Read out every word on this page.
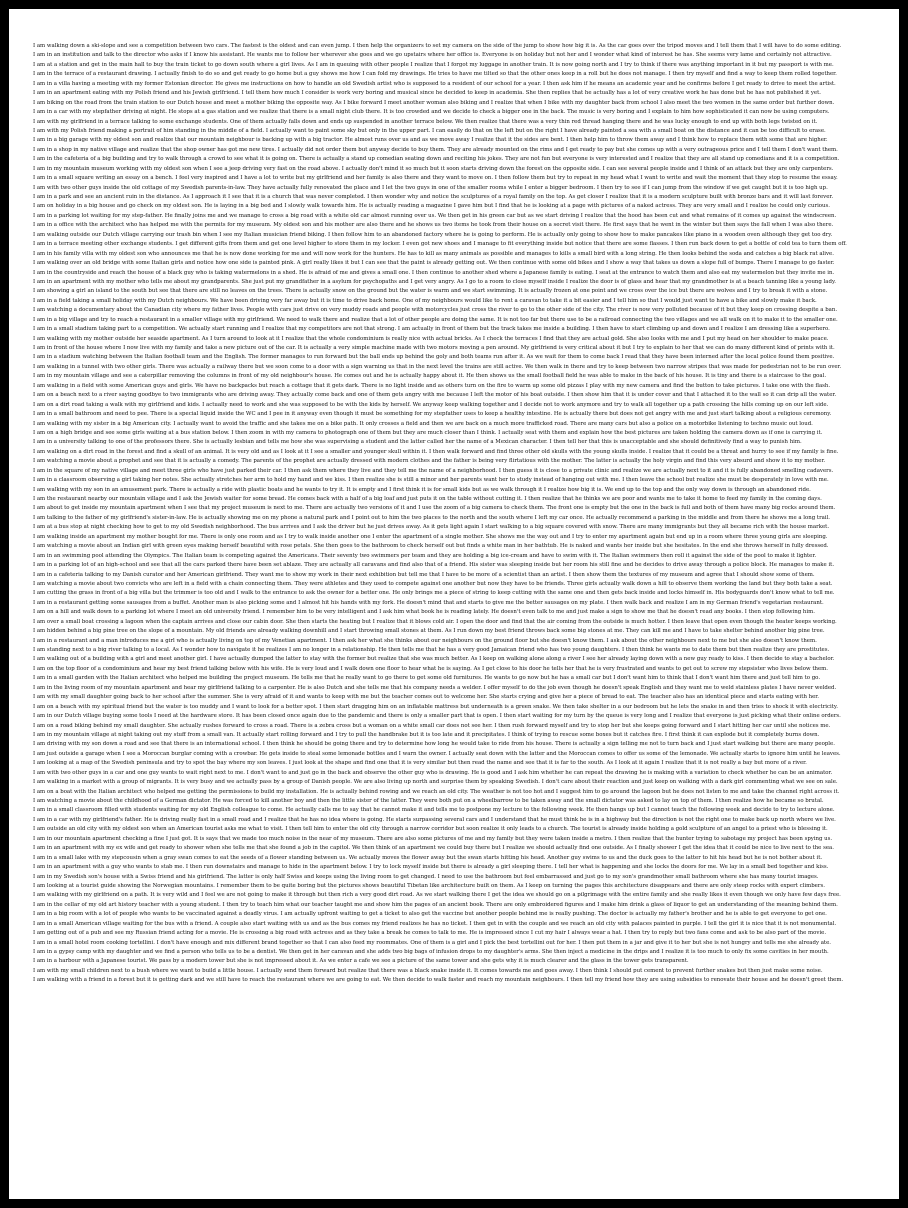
I am walking down a ski-slope and see a competition between two cars. The fastest is the oldest and can even jump. I then help the organizers to set my camera on the side of the jump to show how big it is. As the car goes over the tripod moves and I tell them that I will have to do some editing.
I am in an institution and talk to the director who asks if I know his assistant. He wants me to follow her wherever she goes and we go upstairs where her office is. Everyone is on holiday but not her and I wonder what kind of interest he has. She seems very lame and certainly not attractive.
I am at a station and get in the main hall to buy the train ticket to go down south where a girl lives. As I am in queuing with other people I realize that I forgot my luggage in another train. It is now going north and I try to think if there was anything important in it but my passport is with me.
I am in the terrace of a restaurant drawing. I actually finish to do so and get ready to go home but a guy shows me how I can fold my drawings. He tries to have me tilted so that the other ones keep in a roll but he does not manage. I then try myself and find a way to keep them rolled together.
I am in a villa having a meeting with my former Estonian director. He gives me instructions on how to handle an old Swedish artist who is supposed to a resident of our school for a year. I then ask him if he means an academic year and he confirms before I get ready to drive to meet the artist.
I am in an apartment eating with my Polish friend and his Jewish girlfriend. I tell them how much I consider is work very boring and musical since he decided to keep in academia. She then replies that he actually has a lot of very creative work he has done but he has not published it yet.
I am biking on the road from the train station to our Dutch house and meet a mother biking the opposite way. As I bike forward I meet another woman also biking and I realize that when I bike with my daughter back from school I also meet the two women in the same order but further down.
I am in a car with my stepfather driving at night. He stops at a gas station and we realize that there is a small night club there. It is too crowded and we decide to check a bigger one in the back. The music is very boring and I explain to him how sophisticated it can now be using computers.
I am with my girlfriend in a terrace talking to some exchange students. One of them actually falls down and ends up suspended in another terrace below. We then realize that there was a very thin red thread hanging there and he was lucky enough to end up with both legs twisted on it.
I am with my Polish friend making a portrait of him standing in the middle of a field. I actually want to paint some sky but only in the upper part. I can easily do that on the left but on the right I have already painted a sea with a small boat on the distance and it can be too difficult to erase.
I am in a big garage with my oldest son and realize that our mountain neighbour is backing up with a big tractor. He almost runs over us and as we move away I realize that it the sides are bent. I then help him to throw them away and I think how to replace them with some that are higher.
I am in a shop in my native village and realize that the shop owner has got me new tires. I actually did not order them but anyway decide to buy them. They are already mounted on the rims and I get ready to pay but she comes up with a very outrageous price and I tell them I don't want them.
I am in the cafeteria of a big building and try to walk through a crowd to see what it is going on. There is actually a stand up comedian seating down and reciting his jokes. They are not fun but everyone is very interested and I realize that they are all stand up comedians and it is a competition.
I am in my mountain museum working with my oldest son when I see a jeep driving very fast on the road above. I actually don't mind it so much but it soon starts driving down the forest on the opposite side. I can see several people inside and I think of an attack but they are only carpenters.
I am in a small square writing an essay on a bench. I feel very inspired and I have a lot to write but my girlfriend and her family is also there and they want to move on. I then follow them but try to repeat in my head what I want to write and wait the moment that they stop to resume the essay.
I am with two other guys inside the old cottage of my Swedish parents-in-law. They have actually fully renovated the place and I let the two guys in one of the smaller rooms while I enter a bigger bedroom. I then try to see if I can jump from the window if we get caught but it is too high up.
I am in a park and see an ancient ruin in the distance. As I approach it I see that it is a church that was never completed. I then wonder why and notice the sculptures of a royal family on the top. As get closer I realize that it is a modern sculpture built with bronze bars and it will last forever.
I am on holiday in a big house and go check on my oldest son. He is laying in a big bed and I slowly walk towards him. He is actually reading a magazine I gave him but I find that he is looking at a page with pictures of a naked actress. They are very small and I realize he could only curious.
I am in a parking lot waiting for my step-father. He finally joins me and we manage to cross a big road with a white old car almost running over us. We then get in his green car but as we start driving I realize that the hood has been cut and what remains of it comes up against the windscreen.
I am in a office with the architect who has helped me with the permits for my museum. My oldest son and his mother are also there and he shows us two items he took from their house on a secret visit there. He first says that he went in the winter but then says the fall when I was also there.
I am walking outside our Dutch village carrying our trash bin when I see my Italian musician friend biking. I then follow him to an abandoned factory where he is going to perform. He is actually only going to show how to make pancakes like piano in a wooden oven although they get too dry.
I am in a terrace meeting other exchange students. I get different gifts from them and get one level higher to store them in my locker. I even got new shoes and I manage to fit everything inside but notice that there are some flasses. I then run back down to get a bottle of cold tea to turn them off.
I am in his family villa with my oldest son who announces me that he is now done working for me and will now work for the hunters. He has to kill as many animals as possible and manages to kills a small bird with a long string. He then looks behind the soda and catches a big black rat alive.
I am walking over an old bridge with some Italian girls and notice how one side is painted pink. A girl really likes it but I can see that the paint is already getting out. We then continue with some old bikes and I show a way that takes us down a slope full of bumps. There I manage to go faster.
I am in the countryside and reach the house of a black guy who is taking watermelons in a shed. He is afraid of me and gives a small one. I then continue to another shed where a Japanese family is eating. I seat at the entrance to watch them and also eat my watermelon but they invite me in.
I am in an apartment with my mother who tells me about my grandparents. She just put my grandfather in a asylum for psychopaths and I get very angry. As I go to a room to close myself inside I realize the door is of glass and hear that my grandmother is at a beach tanning like a young lady.
I am showing a girl an island to the south but see that there are still no leaves on the trees. There is actually snow on the ground but the water is warm and we start swimming. It is actually frozen at one point and we cross over the ice but there are wolves and I try to break it with a stone.
I am in a field taking a small holiday with my Dutch neighbours. We have been driving very far away but it is time to drive back home. One of my neighbours would like to rent a caravan to take it a bit easier and I tell him so that I would just want to have a bike and slowly make it back.
I am watching a documentary about the Canadian city where my father lives. People with cars just drive on very muddy roads and people with motorcycles just cross the river to go to the other side of the city. The river is now very polluted because of it but they keep on crossing despite a ban.
I am in a big village and try to reach a restaurant in a smaller village with my girlfriend. We need to walk there and realize that a lot of other people are doing the same. It is not too far but there use to be a railroad connecting the two villages and we all walk on it to make it to the smaller one.
I am in a small stadium taking part to a competition. We actually start running and I realize that my competitors are not that strong. I am actually in front of them but the track takes me inside a building. I then have to start climbing up and down and I realize I am dressing like a superhero.
I am walking with my mother outside her seaside apartment. As I turn around to look at it I realize that the whole condominium is really nice with actual bricks. As I check the terraces I find that they are actual gold. She also looks with me and I put my head on her shoulder to make peace.
I am in front of the house where I now live with my family and take a new picture out of the car. It is actually a very simple machine made with two motors moving a pen around. My girlfriend is very critical about it but I try to explain to her that we can do many different kind of prints with it.
I am in a stadium watching between the Italian football team and the English. The former manages to run forward but the ball ends up behind the goly and both teams run after it. As we wait for them to come back I read that they have been interned after the local police found them positive.
I am walking in a tunnel with two other girls. There was actually a railway there but we soon come to a door with a sign warning us that in the next level the trains are still active. We then walk in there and try to keep between two narrow stripes that was made for pedestrian not to be run over.
I am in my mountain village and see a caterpillar removing the columns in front of my old neighbour's house. He comes out and he is actually happy about it. He then shows us the small football field he was able to make in the back of his house. It is tiny and there is a staircase to the goal.
I am walking in a field with some American guys and girls. We have no backpacks but reach a cottage that it gets dark. There is no light inside and as others turn on the fire to warm up some old pizzas I play with my new camera and find the button to take pictures. I take one with the flash.
I am on a beach next to a river saying goodbye to two immigrants who are driving away. They actually come back and one of them gets angry with me because I left the motor of his boat outside. I then show him that it is under cover and that I attached it to the wall so it can drip all the water.
I am on a dirt road taking a walk with my girlfriend and kids. I actually need to work and she was supposed to be with the kids by herself. We anyway keep walking together and I decide not to work anymore and try to walk all together up a path crossing the hills coming up on our left side.
I am in a small bathroom and need to pee. There is a special liquid inside the WC and I pee in it anyway even though it must be something for my stepfather uses to keep a healthy intestine. He is actually there but does not get angry with me and just start talking about a religious ceremony.
I am walking with my sister in a big American city. I actually want to avoid the traffic and she takes me on a bike path. It only crosses a field and then we are back on a much more trafficked road. There are many cars but also a police on a motorbike listening to techno music out loud.
I am on a high bridge and see some girls waiting at a bus station below. I then zoom in with my camera to photograph one of them but they are much closer than I think. I actually seat with them and explain how the best pictures are taken holding the camera down as if one is carrying it.
I am in a university talking to one of the professors there. She is actually lesbian and tells me how she was supervising a student and the latter called her the name of a Mexican character. I then tell her that this is unacceptable and she should definitively find a way to punish him.
I am walking on a dirt road in the forest and find a skull of an animal. It is very old and as I look at it I see a smaller and younger skull within it. I then walk forward and find three other old skulls with the young skulls inside. I realize that it could be a threat and hurry to see if my family is fine.
I am watching a movie about a prophet and see that it is actually a comedy. The parents of the prophet are actually dressed with modern clothes and the father is being very flirtatious with the mother. The latter is actually the holy virgin and find this very absurd and show it to my mother.
I am in the square of my native village and meet three girls who have just parked their car. I then ask them where they live and they tell me the name of a neighborhood. I then guess it is close to a private clinic and realize we are actually next to it and it is fully abandoned smelling cadavers.
I am in a classroom observing a girl taking her notes. She actually stretches her arm to hold my hand and we kiss. I then realize she is still a minor and her parents want her to study instead of hanging out with me. I then leave the school but realize she must be desperately in love with me.
I am walking with my son in an amusement park. There is actually a ride with plastic boats and he wants to try it. It is empty and I first think it is for small kids but as we walk through it I realize how big it is. We end up to the top and the only way down is through an abandoned ride.
I am the restaurant nearby our mountain village and I ask the Jewish waiter for some bread. He comes back with a half of a big loaf and just puts it on the table without cutting it. I then realize that he thinks we are poor and wants me to take it home to feed my family in the coming days.
I am about to get inside my mountain apartment when I see that my project museum is next to me. There are actually two versions of it and I use the zoom of a big camera to check them. The front one is empty but the one in the back is full and both of them have many big rocks around them.
I am talking to the father of my girlfriend's sister-in-law. He is actually showing me on my phone a natural park and I point out to him the two places to the north and the south where I left my car once. He actually recommend a parking in the middle and from there he shows me a long trail.
I am at a bus stop at night checking how to get to my old Swedish neighborhood. The bus arrives and I ask the driver but he just drives away. As it gets light again I start walking to a big square covered with snow. There are many immigrants but they all became rich with the house market.
I am walking inside an apartment my mother bought for me. There is only one room and as I try to walk inside another one I enter the apartment of a single mother. She shows me the way out and I try to enter my apartment again but end up in a room where three young girls are sleeping.
I am watching a movie about an Indian girl with green eyes making herself beautiful with rose petals. She then goes to the bathroom to check herself out but finds a white man in her bathtub. He is naked and wants her inside but she hesitates. In the end she throws herself in fully dressed.
I am in an swimming pool attending the Olympics. The Italian team is competing against the Americans. Their seventy two swimmers per team and they are holding a big ice-cream and have to swim with it. The Italian swimmers then roll it against the side of the pool to make it lighter.
I am in a parking lot of an high-school and see that all the cars parked there have been set ablaze. They are actually all caravans and find also that of a friend. His sister was sleeping inside but her room his still fine and he decides to drive away through a police block. He manages to make it.
I am in a cafeteria talking to my Danish curator and her American girlfriend. They want me to show my work in their next exhibition but tell me that I have to be more of a scientist than an artist. I then show them the textures of my museum and agree that I should show some of them.
I am watching a movie about two convicts who are left in a field with a chain connecting them. They were athletes and they used to compete against one another but now they have to be friends. Three girls actually walk down a hill to observe them working the land but they both take a seat.
I am cutting the grass in front of a big villa but the trimmer is too old and I walk to the entrance to ask the owner for a better one. He only brings me a piece of string to keep cutting with the same one and then gets back inside and locks himself in. His bodyguards don't know what to tell me.
I am in a restaurant getting some sausages from a buffet. Another man is also picking some and I almost hit his hands with my fork. He doesn't mind that and starts to give me the better sausages on my plate. I then walk back and realize I am in my German friend's vegetarian restaurant.
I am on a hill and walk down to a parking lot where I meet an old university friend. I remember him to be very intelligent and I ask him what book he is reading lately. He doesn't even talk to me and just make a sign to show me that he doesn't read any books. I then stop following him.
I am over a small boat crossing a lagoon when the captain arrives and close our cabin door. She then starts the heating but I realize that it blows cold air. I open the door and find that the air coming from the outside is much hotter. I then leave that open even though the heater keeps working.
I am hidden behind a big pine tree on the slope of a mountain. My old friends are already walking downhill and I start throwing small stones at them. As I run down my best friend throws back some big stones at me. They can kill me and I have to take shelter behind another big pine tree.
I am in a restaurant and a man introduces me a girl who is actually living on top of my Venetian apartment. I then ask her what she thinks about our neighbours on the ground floor but she doesn't know them. I ask about the other neighbours next to me but she also doesn't know them.
I am standing next to a big river talking to a local. As I wonder how to navigate it he realizes I am no longer in a relationship. He then tells me that he has a very good Jamaican friend who has two young daughters. I then think he wants me to date them but then realize they are prostitutes.
I am walking out of a building with a girl and meet another girl. I have actually dumped the latter to stay with the former but realize that she was much better. As I keep on walking alone along a river I see her already laying down with a new guy ready to kiss. I then decide to stay a bachelor.
I am on the top floor of a condominium and hear my best friend talking below with his wife. He is very loud and I walk down one floor to hear what he is saying. As I get close to his door he tells her that he is very frustrated and wants to get out to screw my stepsister who lives below them.
I am in a small garden with the Italian architect who helped me building the project museum. He tells me that he really want to go there to get some old furnitures. He wants to go now but he has a small car but I don't want him to think that I don't want him there and just tell him to go.
I am in the living room of my mountain apartment and hear my girlfriend talking to a carpenter. He is also Dutch and she tells me that his company needs a welder. I offer myself to do the job even though he doesn't speak English and they want me to weld stainless plates I have never welded.
I am with my small daughter going back to her school after the summer. She is very afraid of it and wants to keep with me but the teacher comes out to welcome her. She starts crying and give her a piece of bread to eat. The teacher also has an identical piece and starts eating with her.
I am on a beach with my spiritual friend but the water is too muddy and I want to look for a better spot. I then start dragging him on an inflatable mattress but underneath is a green snake. We then take shelter in a our bedroom but he lets the snake in and then tries to shock it with electricity.
I am in our Dutch village buying some tools I need at the hardware store. It has been closed once again due to the pandemic and there is only a smaller part that is open. I then start waiting for my turn by the queue is very long and I realize that everyone is just picking what their online orders.
I am on a road biking behind my small daughter. She actually rushes forward to cross a road. There is a zebra cross but a woman on a white small car does not see her. I then rush forward myself and try to stop her but she keeps going forward and I start hitting her car until she notices me.
I am in my mountain village at night taking out my stuff from a small van. It actually start rolling forward and I try to pull the handbrake but it is too late and it precipitates. I think of trying to rescue some boxes but it catches fire. I first think it can explode but it completely burns down.
I am driving with my son down a road and see that there is an international school. I then think he should be going there and try to determine how long he would take to ride from his house. There is actually a sign telling me not to turn back and I just start walking but there are many people.
I am just outside a garage when I see a Moroccan burglar coming with a crowbar. He gets inside to steal some lemonade bottles and I warn the owner. I actually seat down with the latter and the Moroccan comes to offer us some of the lemonade. We actually starts to ignore him until he leaves.
I am looking at a map of the Swedish peninsula and try to spot the bay where my son leaves. I just look at the shape and find one that it is very similar but then read the name and see that it is far to the south. As I look at it again I realize that it is not really a bay but more of a river.
I am with two other guys in a car and one guy wants to wait right next to me. I don't want to and just go in the back and observe the other guy who is drawing. He is good and I ask him whether he can repeat the drawing he is making with a variation to check whether he can be an animator.
I am walking in a market with a group of migrants. It is very busy and we actually pass by a group of Danish people. We are also living up north and surprise them by speaking Swedish. I don't care about their reaction and just keep on walking with a dark girl commenting what we see on sale.
I am on a boat with the Italian architect who helped me getting the permissions to build my installation. He is actually behind rowing and we reach an old city. The weather is not too hot and I suggest him to go around the lagoon but he does not listen to me and take the channel right across it.
I am watching a movie about the childhood of a German dictator. He was forced to kill another boy and then the little sister of the latter. They were both put on a wheelbarrow to be taken away and the small dictator was asked to lay on top of them. I then realize how he became so brutal.
I am in a small classroom filled with students waiting for my old English colleague to come. He actually calls me to say that he cannot make it and tells me to postpone my lecture to the following week. He then hangs up but I cannot teach the following week and decide to try to lecture alone.
I am in a car with my girlfriend's father. He is driving really fast in a small road and I realize that he has no idea where is going. He starts surpassing several cars and I understand that he must think he is in a highway but the direction is not the right one to make back up north where we live.
I am outside an old city with my oldest son when an American tourist asks me what to visit. I then tell him to enter the old city through a narrow corridor but soon realize it only leads to a church. The tourist is already inside holding a gold sculpture of an angel to a priest who is blessing it.
I am in our mountain apartment checking a fine I just got. It is says that we made too much noise in the near of my museum. There are also some pictures of me and my family but they were taken inside a metro. I then realize that the hunter trying to sabotage my project has been spying us.
I am in an apartment with my ex wife and get ready to shower when she tells me that she found a job in the capitol. We then think of an apartment we could buy there but I realize we should actually find one outside. As I finally shower I get the idea that it could be nice to live next to the sea.
I am in a small lake with my stepcousin when a gray swan comes to eat the seeds of a flower standing between us. We actually moves the flower away but the swan starts hitting his head. Another guy swims to us and the duck goes to the latter to hit his head but he is not bother about it.
I am in an apartment with a guy who wants to stab me. I then run downstairs and manage to hide in the apartment below. I try to lock myself inside but there is already a girl sleeping there. I tell her what is happening and she locks the doors for me. We lay in a small bed together and kiss.
I am in my Swedish son's house with a Swiss friend and his girlfriend. The latter is only half Swiss and keeps using the living room to get changed. I need to use the bathroom but feel embarrassed and just go to my son's grandmother small bathroom where she has many tourist images.
I am looking at a tourist guide showing the Norwegian mountains. I remember them to be quite boring but the pictures shows beautiful Tibetan like architecture built on them. As I keep on turning the pages this architecture disappears and there are only steep rocks with expert climbers.
I am walking with my girlfriend on a path. It is very wild and I feel we are not going to make it through but then rich a very good dirt road. As we start walking there I get the idea we should go on a pilgrimage with the entire family and she really likes it even though we only have few days free.
I am in the cellar of my old art history teacher with a young student. I then try to teach him what our teacher taught me and show him the pages of an ancient book. There are only embroidered figures and I make him drink a glass of liquor to get an understanding of the meaning behind them.
I am in a big room with a lot of people who wants to be vaccinated against a deadly virus. I am actually upfront waiting to get a ticket to also get the vaccine but another people behind me is really pushing. The doctor is actually my father's brother and he is able to get everyone to get one.
I am in a small American village waiting for the bus with a friend. A couple also start waiting with us and as the bus comes my friend realizes he has no ticket. I then get in with the couple and we reach an old city with palaces painted in purple. I tell the girl it is nice that it is not monumental.
I am getting out of a pub and see my Russian friend acting for a movie. He is crossing a big road with actress and as they take a break he comes to talk to me. He is impressed since I cut my hair I always wear a hat. I then try to reply but two fans come and ask to be also part of the movie.
I am in a small hotel room cooking tortellini. I don't have enough and mix different brand together so that I can also feed my roommates. One of them is a girl and I pick the best tortellini out for her. I then put them in a jar and give it to her but she is not hungry and tells me she already ate.
I am in a gypsy camp with my daughter and we find a person who tells us to be a dentist. We then get in her caravan and she adds two big bags of infusion drops to my daughter's arms. She then inject a medicine in the drips and I realize it is too much to only fix some cavities in her mouth.
I am in a harbour with a Japanese tourist. We pass by a modern tower but she is not impressed about it. As we enter a cafe we see a picture of the same tower and she gets why it is much clearer and the glass in the tower gets transparent.
I am with my small children next to a bush where we want to build a little house. I actually send them forward but realize that there was a black snake inside it. It comes towards me and goes away. I then think I should put cement to prevent further snakes but then just make some noise.
I am walking with a friend in a forest but it is getting dark and we still have to reach the restaurant where we are going to eat. We then decide to walk faster and reach my mountain neighbours. I then tell my friend how they are using subsidies to renovate their house and he doesn't greet them.
